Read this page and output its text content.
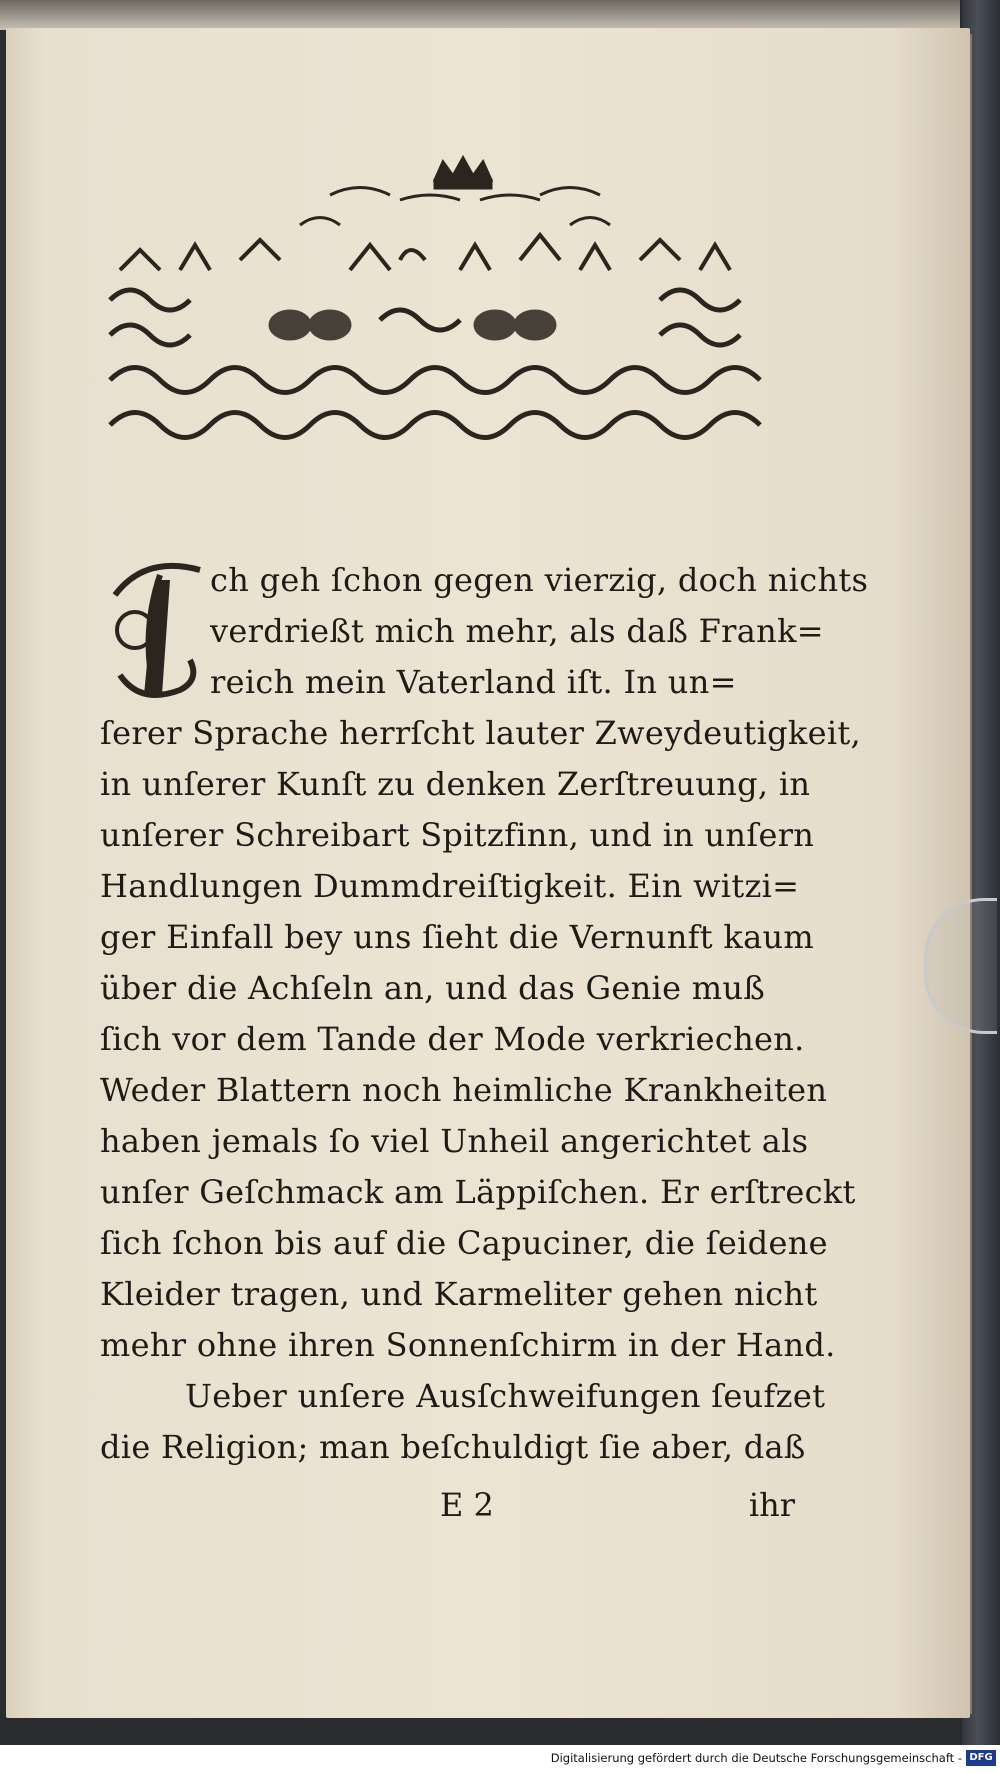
ch geh ſchon gegen vierzig, doch nichts
verdrießt mich mehr, als daß Frank=
reich mein Vaterland iſt. In un=
ſerer Sprache herrſcht lauter Zweydeutigkeit,
in unſerer Kunſt zu denken Zerſtreuung, in
unſerer Schreibart Spitzfinn, und in unſern
Handlungen Dummdreiſtigkeit. Ein witzi=
ger Einfall bey uns ſieht die Vernunft kaum
über die Achſeln an, und das Genie muß
ſich vor dem Tande der Mode verkriechen.
Weder Blattern noch heimliche Krankheiten
haben jemals ſo viel Unheil angerichtet als
unſer Geſchmack am Läppiſchen. Er erſtreckt
ſich ſchon bis auf die Capuciner, die ſeidene
Kleider tragen, und Karmeliter gehen nicht
mehr ohne ihren Sonnenſchirm in der Hand.
Ueber unſere Ausſchweifungen ſeufzet
die Religion; man beſchuldigt ſie aber, daß
E 2	ihr
Digitalisierung gefördert durch die Deutsche Forschungsgemeinschaft - DFG
